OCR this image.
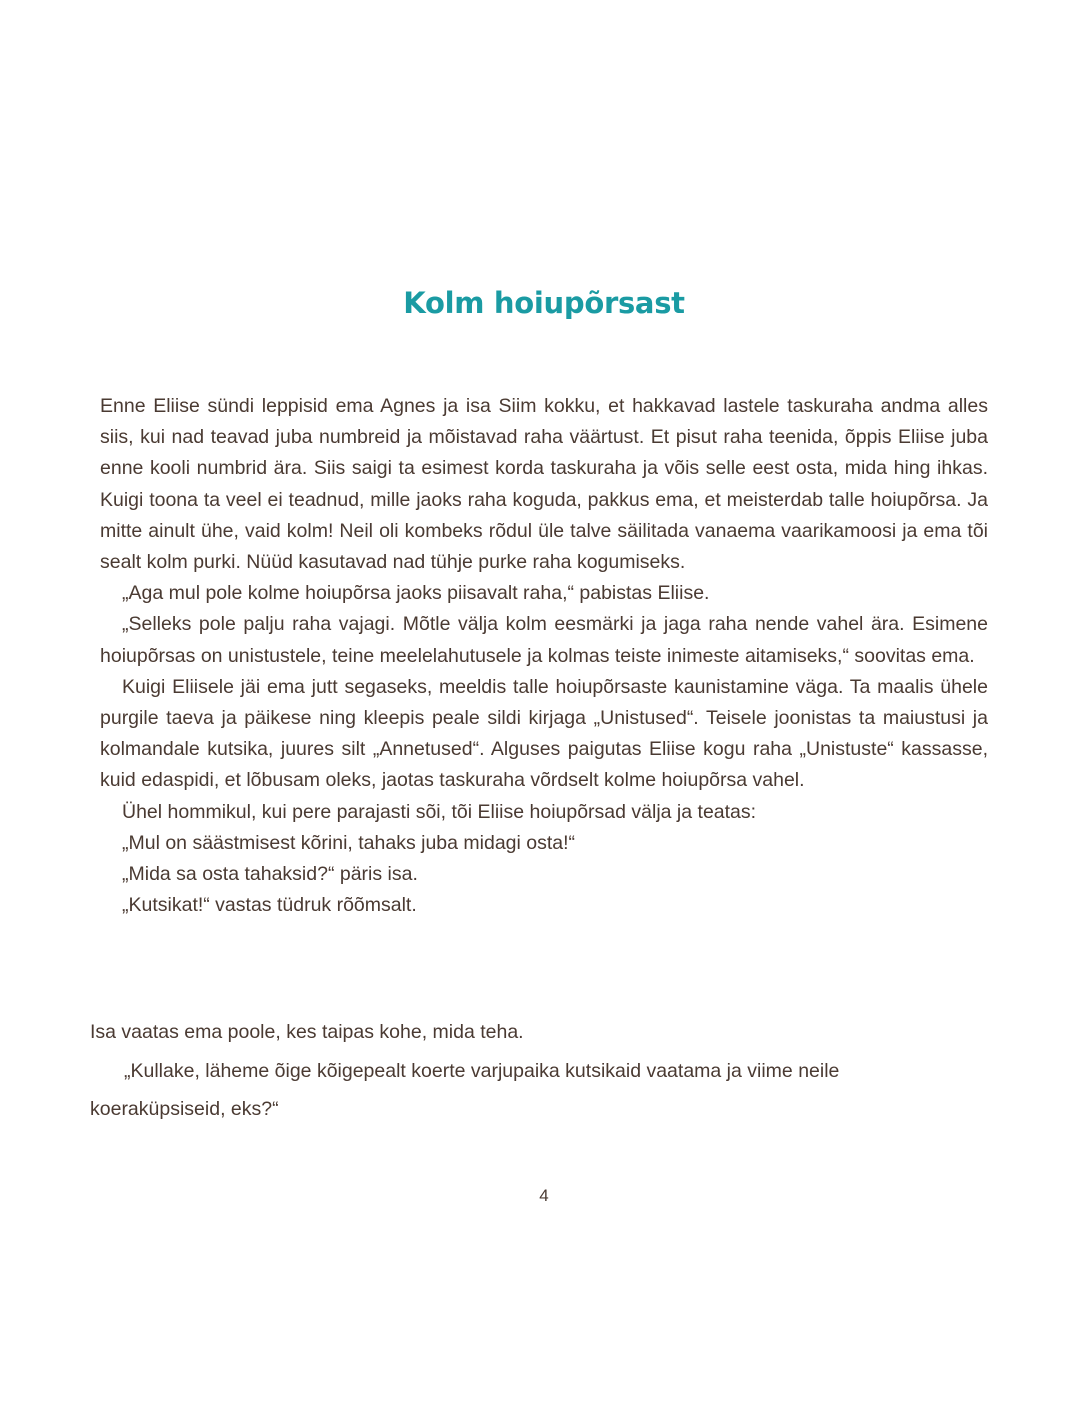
Kolm hoiupõrsast

Enne Eliise sündi leppisid ema Agnes ja isa Siim kokku, et hakkavad lastele taskuraha andma alles siis, kui nad teavad juba numbreid ja mõistavad raha väärtust. Et pisut raha teenida, õppis Eliise juba enne kooli numbrid ära. Siis saigi ta esimest korda taskuraha ja võis selle eest osta, mida hing ihkas. Kuigi toona ta veel ei teadnud, mille jaoks raha koguda, pakkus ema, et meisterdab talle hoiupõrsa. Ja mitte ainult ühe, vaid kolm! Neil oli kombeks rõdul üle talve säilitada vanaema vaarikamoosi ja ema tõi sealt kolm purki. Nüüd kasutavad nad tühje purke raha kogumiseks.

„Aga mul pole kolme hoiupõrsa jaoks piisavalt raha,“ pabistas Eliise.

„Selleks pole palju raha vajagi. Mõtle välja kolm eesmärki ja jaga raha nende vahel ära. Esimene hoiupõrsas on unistustele, teine meelelahutusele ja kolmas teiste inimeste aitamiseks,“ soovitas ema.

Kuigi Eliisele jäi ema jutt segaseks, meeldis talle hoiupõrsaste kaunistamine väga. Ta maalis ühele purgile taeva ja päikese ning kleepis peale sildi kirjaga „Unistused“. Teisele joonistas ta maiustusi ja kolmandale kutsika, juures silt „Annetused“. Alguses paigutas Eliise kogu raha „Unistuste“ kassasse, kuid edaspidi, et lõbusam oleks, jaotas taskuraha võrdselt kolme hoiupõrsa vahel.

Ühel hommikul, kui pere parajasti sõi, tõi Eliise hoiupõrsad välja ja teatas:

„Mul on säästmisest kõrini, tahaks juba midagi osta!“

„Mida sa osta tahaksid?“ päris isa.

„Kutsikat!“ vastas tüdruk rõõmsalt.

Isa vaatas ema poole, kes taipas kohe, mida teha.
„Kullake, läheme õige kõigepealt koerte varjupaika kutsikaid vaatama ja viime neile
koeraküpsiseid, eks?“
4
